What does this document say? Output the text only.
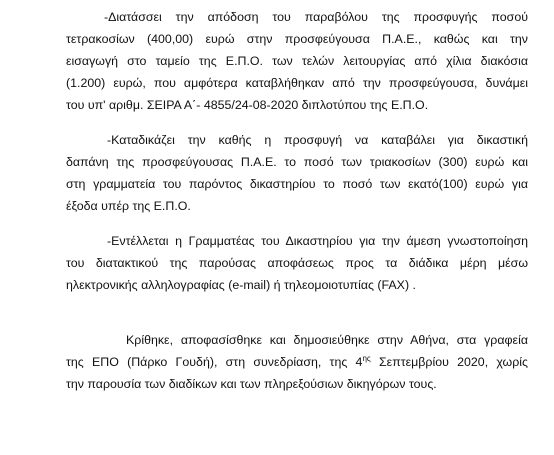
-Διατάσσει την απόδοση του παραβόλου της προσφυγής ποσού
τετρακοσίων (400,00) ευρώ στην προσφεύγουσα Π.Α.Ε., καθώς και την
εισαγωγή στο ταμείο της Ε.Π.Ο. των τελών λειτουργίας από χίλια διακόσια
(1.200) ευρώ, που αμφότερα καταβλήθηκαν από την προσφεύγουσα, δυνάμει
του υπ' αριθμ. ΣΕΙΡΑ Α΄- 4855/24-08-2020 διπλοτύπου της Ε.Π.Ο.
-Καταδικάζει την καθής η προσφυγή να καταβάλει για δικαστική
δαπάνη της προσφεύγουσας Π.Α.Ε. το ποσό των τριακοσίων (300) ευρώ και
στη γραμματεία του παρόντος δικαστηρίου το ποσό των εκατό(100) ευρώ για
έξοδα υπέρ της Ε.Π.Ο.
-Εντέλλεται η Γραμματέας του Δικαστηρίου για την άμεση γνωστοποίηση
του διατακτικού της παρούσας αποφάσεως προς τα διάδικα μέρη μέσω
ηλεκτρονικής αλληλογραφίας (e-mail) ή τηλεομοιοτυπίας (FAX) .
Κρίθηκε, αποφασίσθηκε και δημοσιεύθηκε στην Αθήνα, στα γραφεία
της ΕΠΟ (Πάρκο Γουδή), στη συνεδρίαση, της $4^{\eta\varsigma}$ Σεπτεμβρίου 2020, χωρίς
την παρουσία των διαδίκων και των πληρεξούσιων δικηγόρων τους.
